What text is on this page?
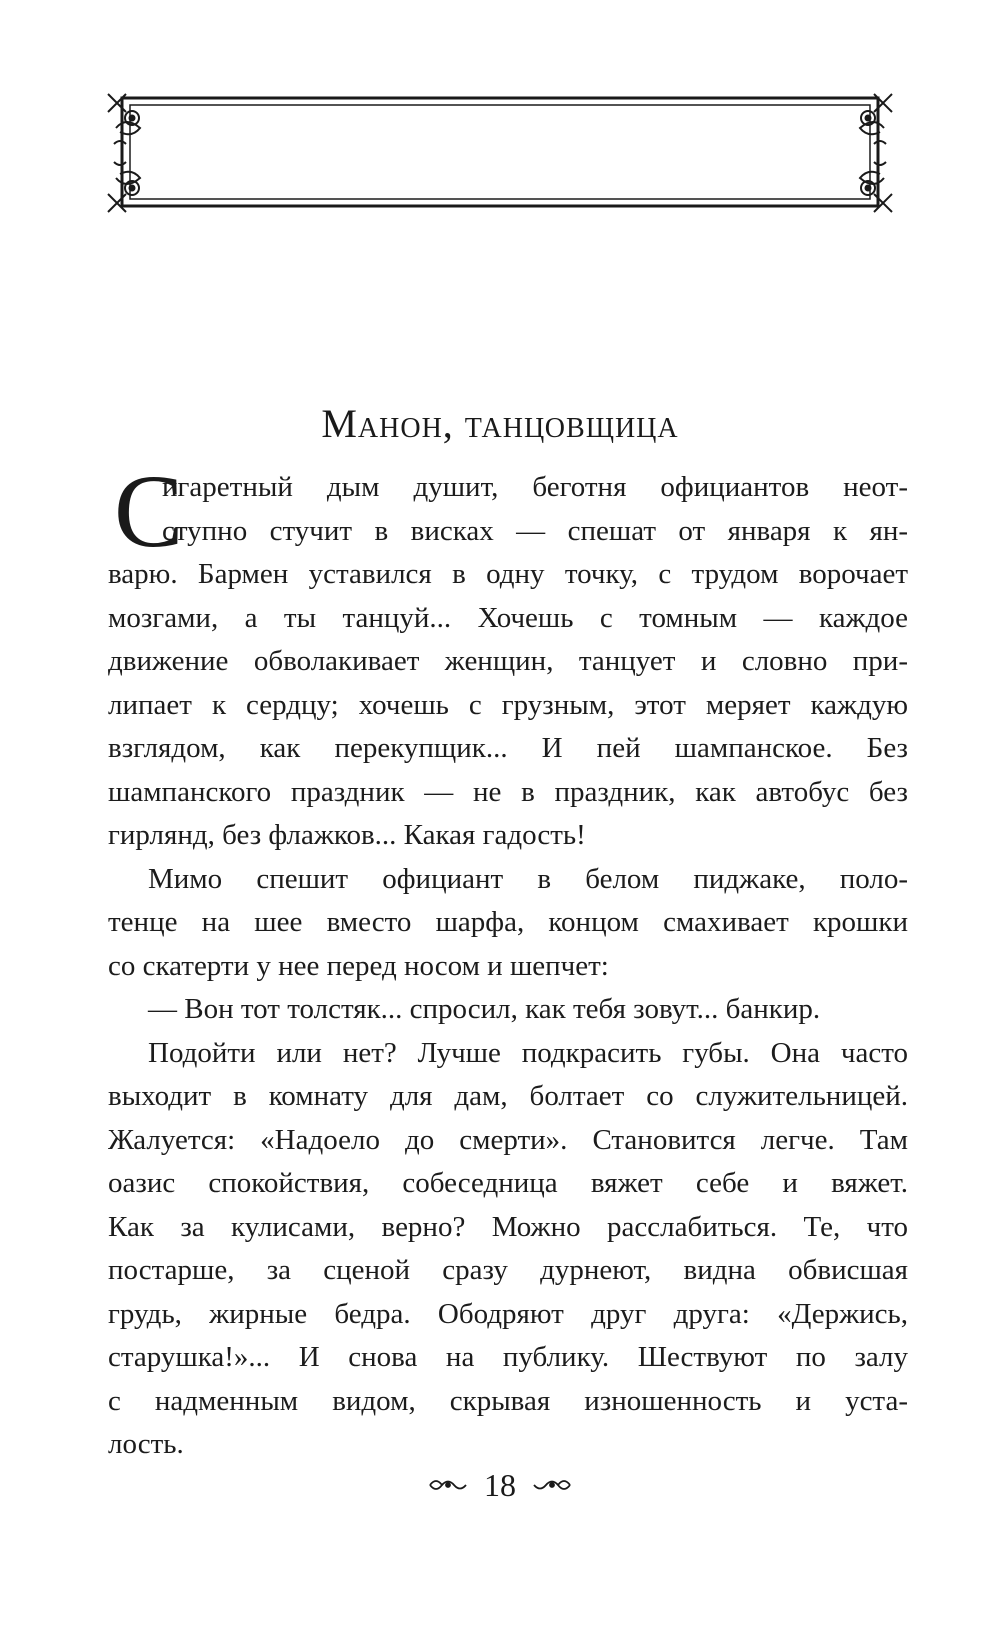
Манон, танцовщица
С
игаретный дым душит, беготня официантов неот-
ступно стучит в висках — спешат от января к ян-
варю. Бармен уставился в одну точку, с трудом ворочает
мозгами, а ты танцуй... Хочешь с томным — каждое
движение обволакивает женщин, танцует и словно при-
липает к сердцу; хочешь с грузным, этот меряет каждую
взглядом, как перекупщик... И пей шампанское. Без
шампанского праздник — не в праздник, как автобус без
гирлянд, без флажков... Какая гадость!
Мимо спешит официант в белом пиджаке, поло-
тенце на шее вместо шарфа, концом смахивает крошки
со скатерти у нее перед носом и шепчет:
— Вон тот толстяк... спросил, как тебя зовут... банкир.
Подойти или нет? Лучше подкрасить губы. Она часто
выходит в комнату для дам, болтает со служительницей.
Жалуется: «Надоело до смерти». Становится легче. Там
оазис спокойствия, собеседница вяжет себе и вяжет.
Как за кулисами, верно? Можно расслабиться. Те, что
постарше, за сценой сразу дурнеют, видна обвисшая
грудь, жирные бедра. Ободряют друг друга: «Держись,
старушка!»... И снова на публику. Шествуют по залу
с надменным видом, скрывая изношенность и уста-
лость.
18
